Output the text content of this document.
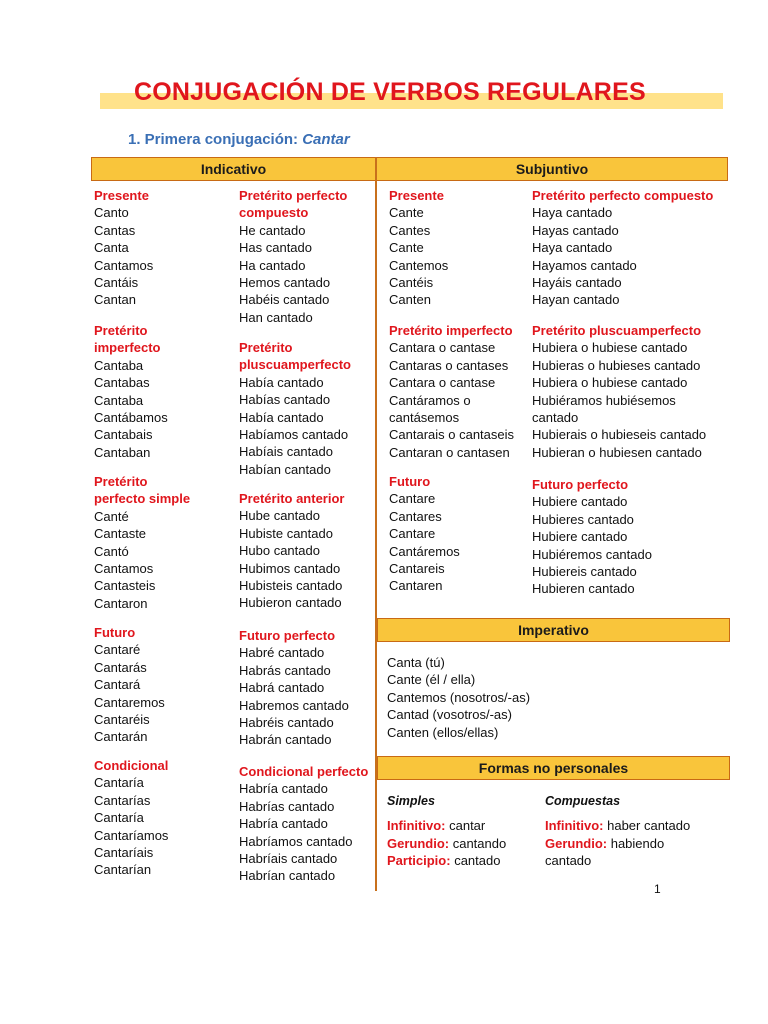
CONJUGACIÓN DE VERBOS REGULARES
1. Primera conjugación: Cantar
Indicativo	Subjuntivo
Imperativo
Formas no personales
Presente
Canto
Cantas
Canta
Cantamos
Cantáis
Cantan
Pretérito perfecto
compuesto
He cantado
Has cantado
Ha cantado
Hemos cantado
Habéis cantado
Han cantado
Pretérito
imperfecto
Cantaba
Cantabas
Cantaba
Cantábamos
Cantabais
Cantaban
Pretérito
pluscuamperfecto
Había cantado
Habías cantado
Había cantado
Habíamos cantado
Habíais cantado
Habían cantado
Pretérito
perfecto simple
Canté
Cantaste
Cantó
Cantamos
Cantasteis
Cantaron
Pretérito anterior
Hube cantado
Hubiste cantado
Hubo cantado
Hubimos cantado
Hubisteis cantado
Hubieron cantado
Futuro
Cantaré
Cantarás
Cantará
Cantaremos
Cantaréis
Cantarán
Futuro perfecto
Habré cantado
Habrás cantado
Habrá cantado
Habremos cantado
Habréis cantado
Habrán cantado
Condicional
Cantaría
Cantarías
Cantaría
Cantaríamos
Cantaríais
Cantarían
Condicional perfecto
Habría cantado
Habrías cantado
Habría cantado
Habríamos cantado
Habríais cantado
Habrían cantado
Presente
Cante
Cantes
Cante
Cantemos
Cantéis
Canten
Pretérito perfecto compuesto
Haya cantado
Hayas cantado
Haya cantado
Hayamos cantado
Hayáis cantado
Hayan cantado
Pretérito imperfecto
Cantara o cantase
Cantaras o cantases
Cantara o cantase
Cantáramos o
cantásemos
Cantarais o cantaseis
Cantaran o cantasen
Pretérito pluscuamperfecto
Hubiera o hubiese cantado
Hubieras o hubieses cantado
Hubiera o hubiese cantado
Hubiéramos hubiésemos
cantado
Hubierais o hubieseis cantado
Hubieran o hubiesen cantado
Futuro
Cantare
Cantares
Cantare
Cantáremos
Cantareis
Cantaren
Futuro perfecto
Hubiere cantado
Hubieres cantado
Hubiere cantado
Hubiéremos cantado
Hubiereis cantado
Hubieren cantado
Canta (tú)
Cante (él / ella)
Cantemos (nosotros/-as)
Cantad (vosotros/-as)
Canten (ellos/ellas)
Simples
Infinitivo: cantar
Gerundio: cantando
Participio: cantado
Compuestas
Infinitivo: haber cantado
Gerundio: habiendo
cantado
1
